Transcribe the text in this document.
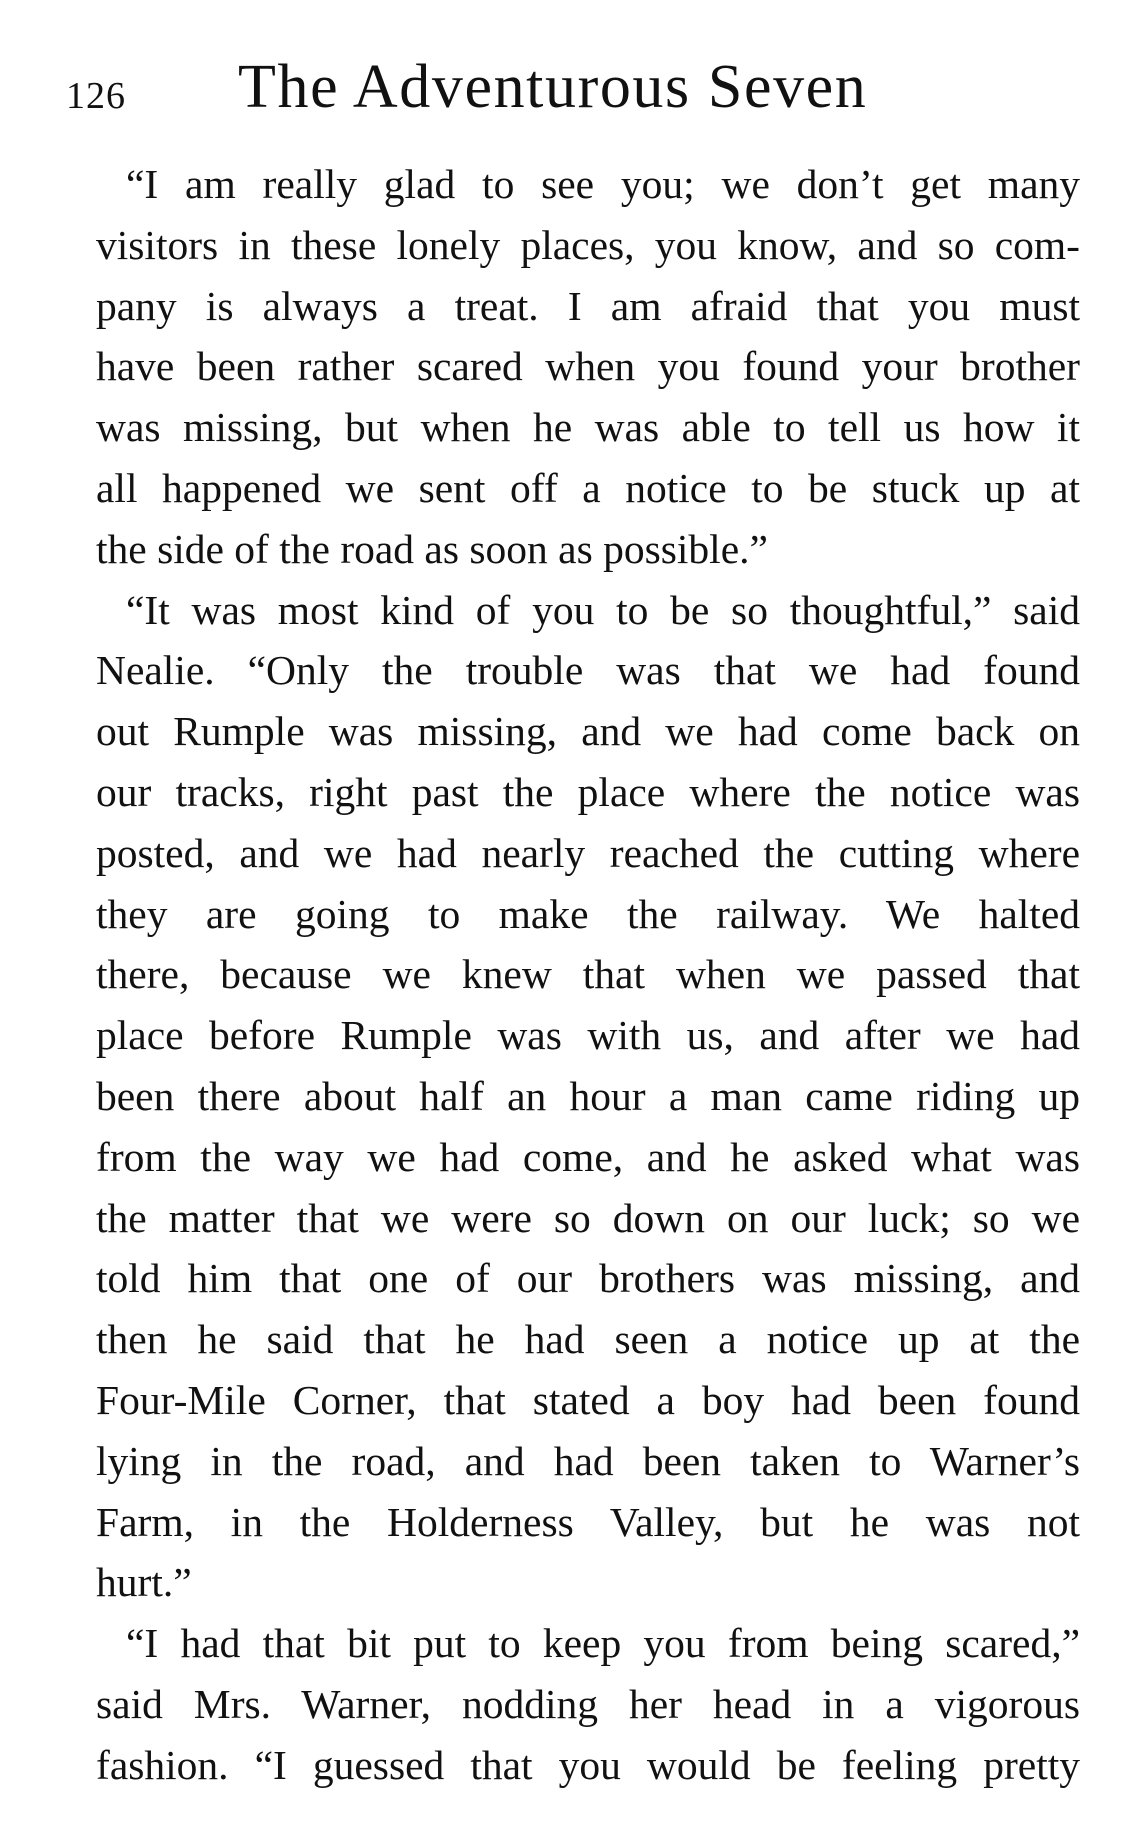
126 The Adventurous Seven
“I am really glad to see you; we don’t get many
visitors in these lonely places, you know, and so com-
pany is always a treat. I am afraid that you must
have been rather scared when you found your brother
was missing, but when he was able to tell us how it
all happened we sent off a notice to be stuck up at
the side of the road as soon as possible.”
“It was most kind of you to be so thoughtful,” said
Nealie. “Only the trouble was that we had found
out Rumple was missing, and we had come back on
our tracks, right past the place where the notice was
posted, and we had nearly reached the cutting where
they are going to make the railway. We halted
there, because we knew that when we passed that
place before Rumple was with us, and after we had
been there about half an hour a man came riding up
from the way we had come, and he asked what was
the matter that we were so down on our luck; so we
told him that one of our brothers was missing, and
then he said that he had seen a notice up at the
Four-Mile Corner, that stated a boy had been found
lying in the road, and had been taken to Warner’s
Farm, in the Holderness Valley, but he was not
hurt.”
“I had that bit put to keep you from being scared,”
said Mrs. Warner, nodding her head in a vigorous
fashion. “I guessed that you would be feeling pretty
